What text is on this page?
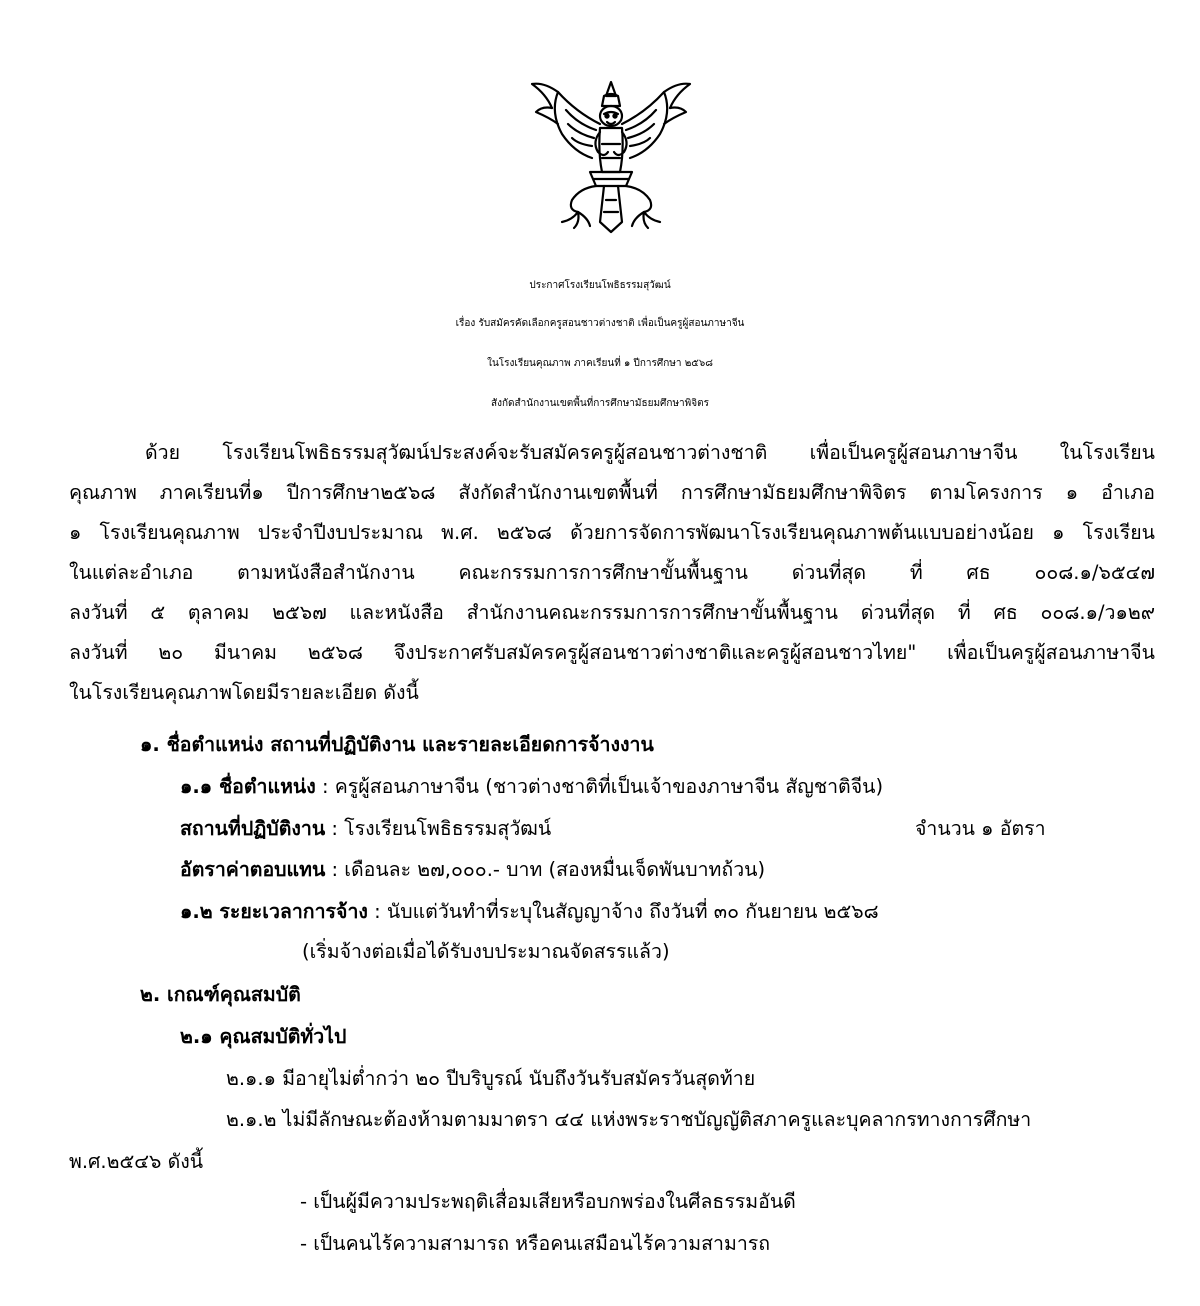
ประกาศโรงเรียนโพธิธรรมสุวัฒน์
เรื่อง รับสมัครคัดเลือกครูสอนชาวต่างชาติ เพื่อเป็นครูผู้สอนภาษาจีน
ในโรงเรียนคุณภาพ ภาคเรียนที่ ๑ ปีการศึกษา ๒๕๖๘
สังกัดสำนักงานเขตพื้นที่การศึกษามัธยมศึกษาพิจิตร
ด้วย โรงเรียนโพธิธรรมสุวัฒน์ประสงค์จะรับสมัครครูผู้สอนชาวต่างชาติ เพื่อเป็นครูผู้สอนภาษาจีน ในโรงเรียน
คุณภาพ ภาคเรียนที่๑ ปีการศึกษา๒๕๖๘ สังกัดสำนักงานเขตพื้นที่ การศึกษามัธยมศึกษาพิจิตร ตามโครงการ ๑ อำเภอ
๑ โรงเรียนคุณภาพ ประจำปีงบประมาณ พ.ศ. ๒๕๖๘ ด้วยการจัดการพัฒนาโรงเรียนคุณภาพต้นแบบอย่างน้อย ๑ โรงเรียน
ในแต่ละอำเภอ ตามหนังสือสำนักงาน คณะกรรมการการศึกษาขั้นพื้นฐาน ด่วนที่สุด ที่ ศธ ๐๐๘.๑/๖๕๔๗
ลงวันที่ ๕ ตุลาคม ๒๕๖๗ และหนังสือ สำนักงานคณะกรรมการการศึกษาขั้นพื้นฐาน ด่วนที่สุด ที่ ศธ ๐๐๘.๑/ว๑๒๙
ลงวันที่ ๒๐ มีนาคม ๒๕๖๘ จึงประกาศรับสมัครครูผู้สอนชาวต่างชาติและครูผู้สอนชาวไทย" เพื่อเป็นครูผู้สอนภาษาจีน
ในโรงเรียนคุณภาพโดยมีรายละเอียด ดังนี้
๑. ชื่อตำแหน่ง สถานที่ปฏิบัติงาน และรายละเอียดการจ้างงาน
๑.๑ ชื่อตำแหน่ง : ครูผู้สอนภาษาจีน (ชาวต่างชาติที่เป็นเจ้าของภาษาจีน สัญชาติจีน)
สถานที่ปฏิบัติงาน : โรงเรียนโพธิธรรมสุวัฒน์	จำนวน ๑ อัตรา
อัตราค่าตอบแทน : เดือนละ ๒๗,๐๐๐.- บาท (สองหมื่นเจ็ดพันบาทถ้วน)
๑.๒ ระยะเวลาการจ้าง : นับแต่วันทำที่ระบุในสัญญาจ้าง ถึงวันที่ ๓๐ กันยายน ๒๕๖๘
(เริ่มจ้างต่อเมื่อได้รับงบประมาณจัดสรรแล้ว)
๒. เกณฑ์คุณสมบัติ
๒.๑ คุณสมบัติทั่วไป
๒.๑.๑ มีอายุไม่ต่ำกว่า ๒๐ ปีบริบูรณ์ นับถึงวันรับสมัครวันสุดท้าย
๒.๑.๒ ไม่มีลักษณะต้องห้ามตามมาตรา ๔๔ แห่งพระราชบัญญัติสภาครูและบุคลากรทางการศึกษา
พ.ศ.๒๕๔๖ ดังนี้
- เป็นผู้มีความประพฤติเสื่อมเสียหรือบกพร่องในศีลธรรมอันดี
- เป็นคนไร้ความสามารถ หรือคนเสมือนไร้ความสามารถ
